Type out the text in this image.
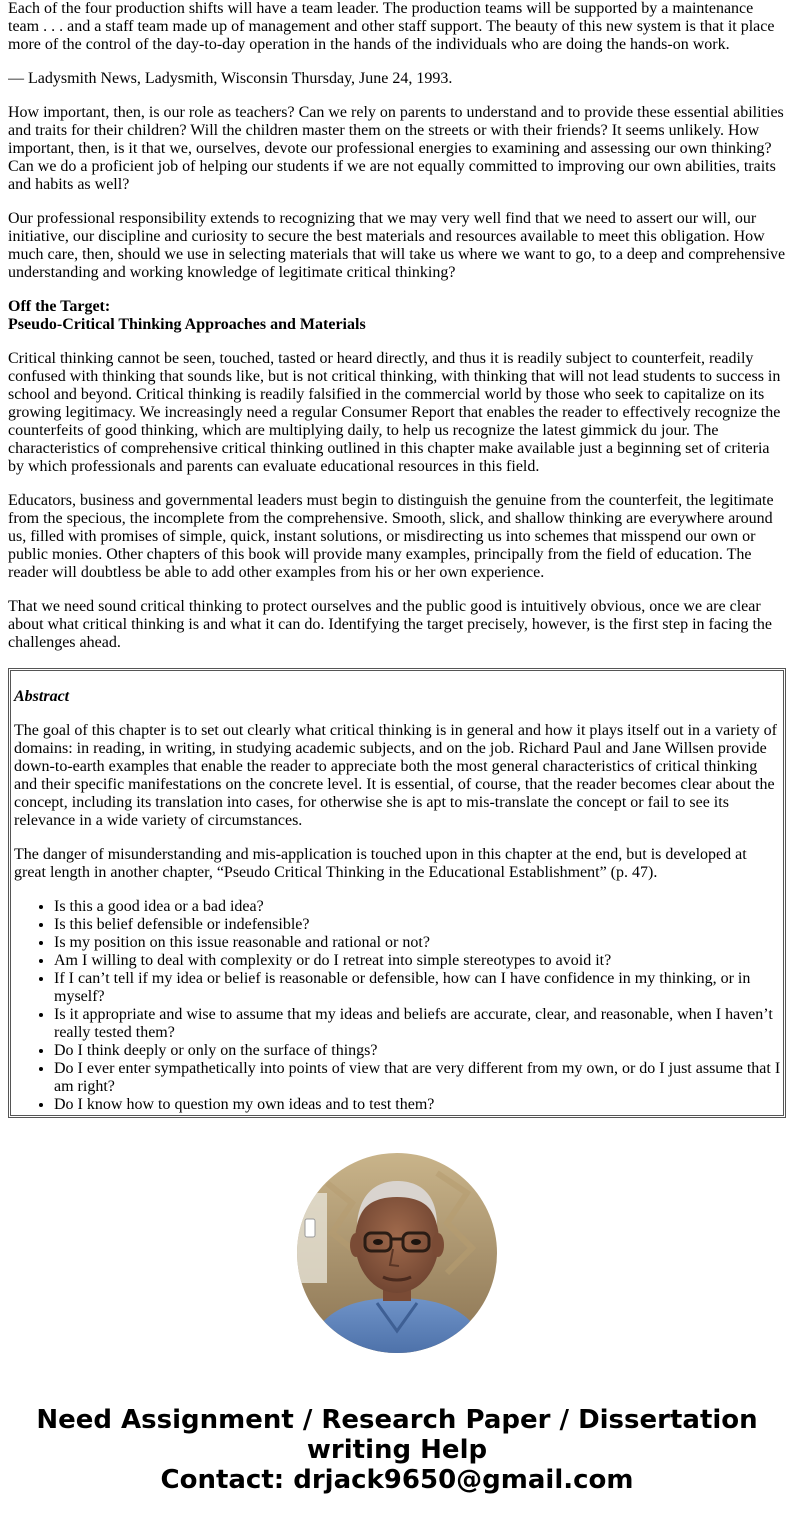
Each of the four production shifts will have a team leader. The production teams will be supported by a maintenance team . . . and a staff team made up of management and other staff support. The beauty of this new system is that it place more of the control of the day-to-day operation in the hands of the individuals who are doing the hands-on work.

— Ladysmith News, Ladysmith, Wisconsin Thursday, June 24, 1993.

How important, then, is our role as teachers? Can we rely on parents to understand and to provide these essential abilities and traits for their children? Will the children master them on the streets or with their friends? It seems unlikely. How important, then, is it that we, ourselves, devote our professional energies to examining and assessing our own thinking? Can we do a proficient job of helping our students if we are not equally committed to improving our own abilities, traits and habits as well?

Our professional responsibility extends to recognizing that we may very well find that we need to assert our will, our initiative, our discipline and curiosity to secure the best materials and resources available to meet this obligation. How much care, then, should we use in selecting materials that will take us where we want to go, to a deep and comprehensive understanding and working knowledge of legitimate critical thinking?

Off the Target:
Pseudo-Critical Thinking Approaches and Materials

Critical thinking cannot be seen, touched, tasted or heard directly, and thus it is readily subject to counterfeit, readily confused with thinking that sounds like, but is not critical thinking, with thinking that will not lead students to success in school and beyond. Critical thinking is readily falsified in the commercial world by those who seek to capitalize on its growing legitimacy. We increasingly need a regular Consumer Report that enables the reader to effectively recognize the counterfeits of good thinking, which are multiplying daily, to help us recognize the latest gimmick du jour. The characteristics of comprehensive critical thinking outlined in this chapter make available just a beginning set of criteria by which professionals and parents can evaluate educational resources in this field.

Educators, business and governmental leaders must begin to distinguish the genuine from the counterfeit, the legitimate from the specious, the incomplete from the comprehensive. Smooth, slick, and shallow thinking are everywhere around us, filled with promises of simple, quick, instant solutions, or misdirecting us into schemes that misspend our own or public monies. Other chapters of this book will provide many examples, principally from the field of education. The reader will doubtless be able to add other examples from his or her own experience.

That we need sound critical thinking to protect ourselves and the public good is intuitively obvious, once we are clear about what critical thinking is and what it can do. Identifying the target precisely, however, is the first step in facing the challenges ahead.

Abstract

The goal of this chapter is to set out clearly what critical thinking is in general and how it plays itself out in a variety of domains: in reading, in writing, in studying academic subjects, and on the job. Richard Paul and Jane Willsen provide down-to-earth examples that enable the reader to appreciate both the most general characteristics of critical thinking and their specific manifestations on the concrete level. It is essential, of course, that the reader becomes clear about the concept, including its translation into cases, for otherwise she is apt to mis-translate the concept or fail to see its relevance in a wide variety of circumstances.

The danger of misunderstanding and mis-application is touched upon in this chapter at the end, but is developed at great length in another chapter, “Pseudo Critical Thinking in the Educational Establishment” (p. 47).

• Is this a good idea or a bad idea?
• Is this belief defensible or indefensible?
• Is my position on this issue reasonable and rational or not?
• Am I willing to deal with complexity or do I retreat into simple stereotypes to avoid it?
• If I can’t tell if my idea or belief is reasonable or defensible, how can I have confidence in my thinking, or in myself?
• Is it appropriate and wise to assume that my ideas and beliefs are accurate, clear, and reasonable, when I haven’t really tested them?
• Do I think deeply or only on the surface of things?
• Do I ever enter sympathetically into points of view that are very different from my own, or do I just assume that I am right?
• Do I know how to question my own ideas and to test them?
Need Assignment / Research Paper / Dissertation
writing Help
Contact: drjack9650@gmail.com
